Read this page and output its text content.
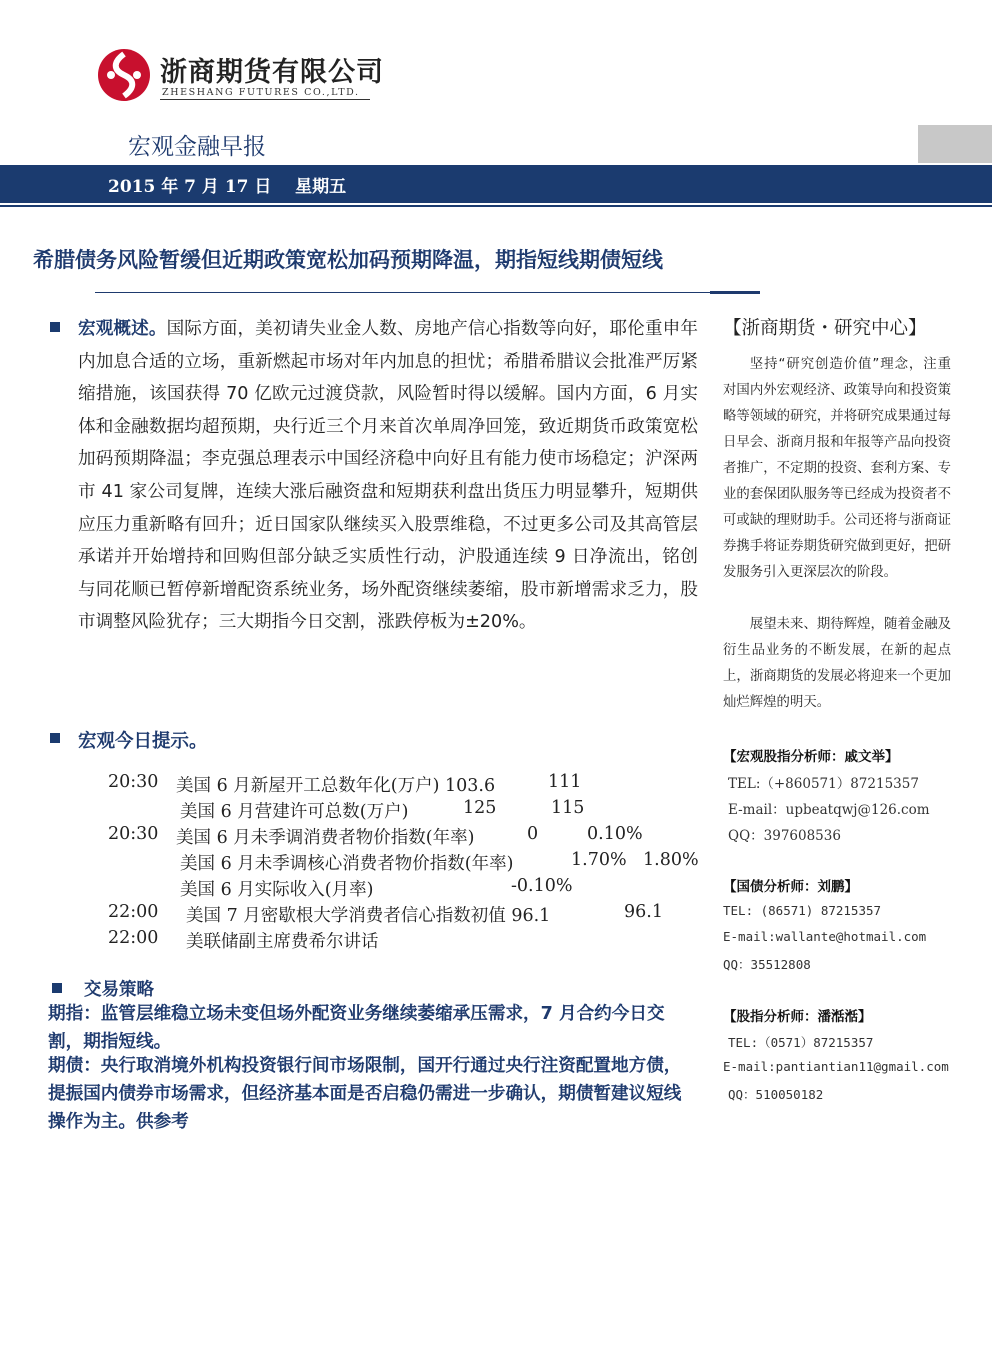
浙商期货有限公司
ZHESHANG FUTURES CO.,LTD.
宏观金融早报
2015 年 7 月 17 日    星期五
希腊债务风险暂缓但近期政策宽松加码预期降温，期指短线期债短线
宏观概述。国际方面，美初请失业金人数、房地产信心指数等向好，耶伦重申年内加息合适的立场，重新燃起市场对年内加息的担忧；希腊希腊议会批准严厉紧缩措施，该国获得 70 亿欧元过渡贷款，风险暂时得以缓解。国内方面，6 月实体和金融数据均超预期，央行近三个月来首次单周净回笼，致近期货币政策宽松加码预期降温；李克强总理表示中国经济稳中向好且有能力使市场稳定；沪深两市 41 家公司复牌，连续大涨后融资盘和短期获利盘出货压力明显攀升，短期供应压力重新略有回升；近日国家队继续买入股票维稳，不过更多公司及其高管层承诺并开始增持和回购但部分缺乏实质性行动，沪股通连续 9 日净流出，铭创与同花顺已暂停新增配资系统业务，场外配资继续萎缩，股市新增需求乏力，股市调整风险犹存；三大期指今日交割，涨跌停板为±20%。
宏观今日提示。
20:30 美国 6 月新屋开工总数年化(万户) 103.6	111
美国 6 月营建许可总数(万户)	125	115
20:30 美国 6 月未季调消费者物价指数(年率)	0	0.10%
美国 6 月未季调核心消费者物价指数(年率)	1.70% 1.80%
美国 6 月实际收入(月率)	-0.10%
22:00 美国 7 月密歇根大学消费者信心指数初值 96.1	96.1
22:00 美联储副主席费希尔讲话
交易策略
期指：监管层维稳立场未变但场外配资业务继续萎缩承压需求，7 月合约今日交割，期指短线。
期债：央行取消境外机构投资银行间市场限制，国开行通过央行注资配置地方债，提振国内债券市场需求，但经济基本面是否启稳仍需进一步确认，期债暂建议短线操作为主。供参考
【浙商期货・研究中心】
坚持“研究创造价值”理念，注重对国内外宏观经济、政策导向和投资策略等领域的研究，并将研究成果通过每日早会、浙商月报和年报等产品向投资者推广，不定期的投资、套利方案、专业的套保团队服务等已经成为投资者不可或缺的理财助手。公司还将与浙商证券携手将证券期货研究做到更好，把研发服务引入更深层次的阶段。
展望未来、期待辉煌，随着金融及衍生品业务的不断发展，在新的起点上，浙商期货的发展必将迎来一个更加灿烂辉煌的明天。
【宏观股指分析师：戚文举】
TEL:（+860571）87215357
E-mail：upbeatqwj@126.com
QQ：397608536
【国债分析师：刘鹏】
TEL: (86571) 87215357
E-mail:wallante@hotmail.com
QQ：35512808
【股指分析师：潘湉湉】
TEL:（0571）87215357
E-mail:pantiantian11@gmail.com
QQ：510050182
